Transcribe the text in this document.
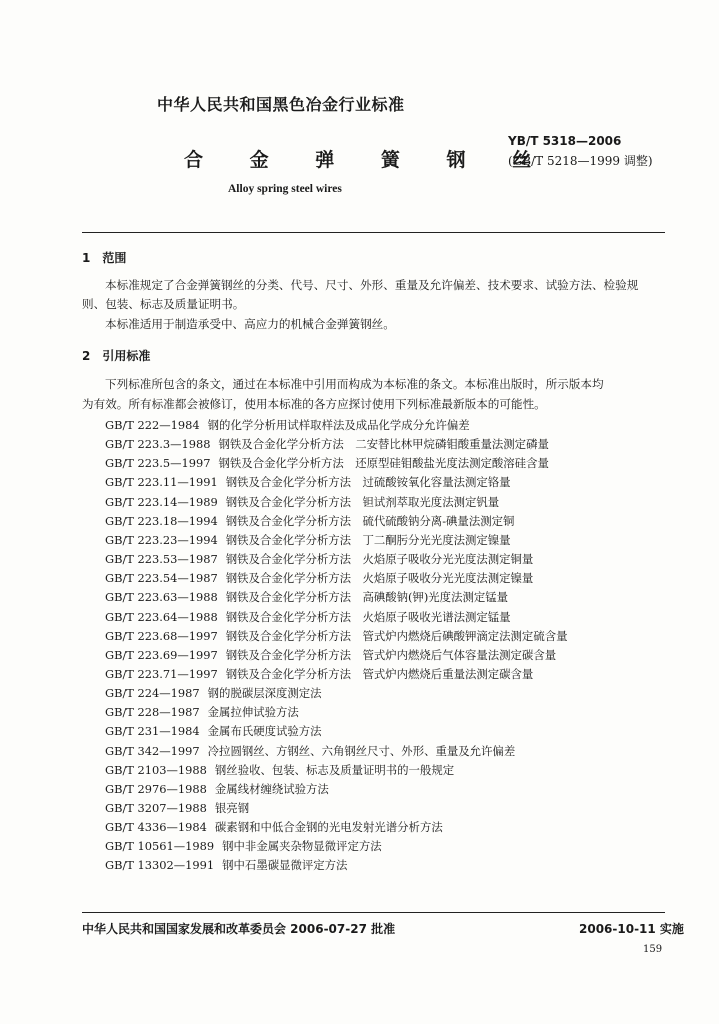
中华人民共和国黑色冶金行业标准
合 金 弹 簧 钢 丝
Alloy spring steel wires
YB/T 5318—2006
(GB/T 5218—1999 调整)
1　范围
本标准规定了合金弹簧钢丝的分类、代号、尺寸、外形、重量及允许偏差、技术要求、试验方法、检验规
则、包装、标志及质量证明书。
本标准适用于制造承受中、高应力的机械合金弹簧钢丝。
2　引用标准
下列标准所包含的条文，通过在本标准中引用而构成为本标准的条文。本标准出版时，所示版本均
为有效。所有标准都会被修订，使用本标准的各方应探讨使用下列标准最新版本的可能性。
GB/T 222—1984 钢的化学分析用试样取样法及成品化学成分允许偏差
GB/T 223.3—1988 钢铁及合金化学分析方法　二安替比林甲烷磷钼酸重量法测定磷量
GB/T 223.5—1997 钢铁及合金化学分析方法　还原型硅钼酸盐光度法测定酸溶硅含量
GB/T 223.11—1991 钢铁及合金化学分析方法　过硫酸铵氧化容量法测定铬量
GB/T 223.14—1989 钢铁及合金化学分析方法　钽试剂萃取光度法测定钒量
GB/T 223.18—1994 钢铁及合金化学分析方法　硫代硫酸钠分离-碘量法测定铜
GB/T 223.23—1994 钢铁及合金化学分析方法　丁二酮肟分光光度法测定镍量
GB/T 223.53—1987 钢铁及合金化学分析方法　火焰原子吸收分光光度法测定铜量
GB/T 223.54—1987 钢铁及合金化学分析方法　火焰原子吸收分光光度法测定镍量
GB/T 223.63—1988 钢铁及合金化学分析方法　高碘酸钠(钾)光度法测定锰量
GB/T 223.64—1988 钢铁及合金化学分析方法　火焰原子吸收光谱法测定锰量
GB/T 223.68—1997 钢铁及合金化学分析方法　管式炉内燃烧后碘酸钾滴定法测定硫含量
GB/T 223.69—1997 钢铁及合金化学分析方法　管式炉内燃烧后气体容量法测定碳含量
GB/T 223.71—1997 钢铁及合金化学分析方法　管式炉内燃烧后重量法测定碳含量
GB/T 224—1987 钢的脱碳层深度测定法
GB/T 228—1987 金属拉伸试验方法
GB/T 231—1984 金属布氏硬度试验方法
GB/T 342—1997 冷拉圆钢丝、方钢丝、六角钢丝尺寸、外形、重量及允许偏差
GB/T 2103—1988 钢丝验收、包装、标志及质量证明书的一般规定
GB/T 2976—1988 金属线材缠绕试验方法
GB/T 3207—1988 银亮钢
GB/T 4336—1984 碳素钢和中低合金钢的光电发射光谱分析方法
GB/T 10561—1989 钢中非金属夹杂物显微评定方法
GB/T 13302—1991 钢中石墨碳显微评定方法
中华人民共和国国家发展和改革委员会 2006-07-27 批准	2006-10-11 实施
159
